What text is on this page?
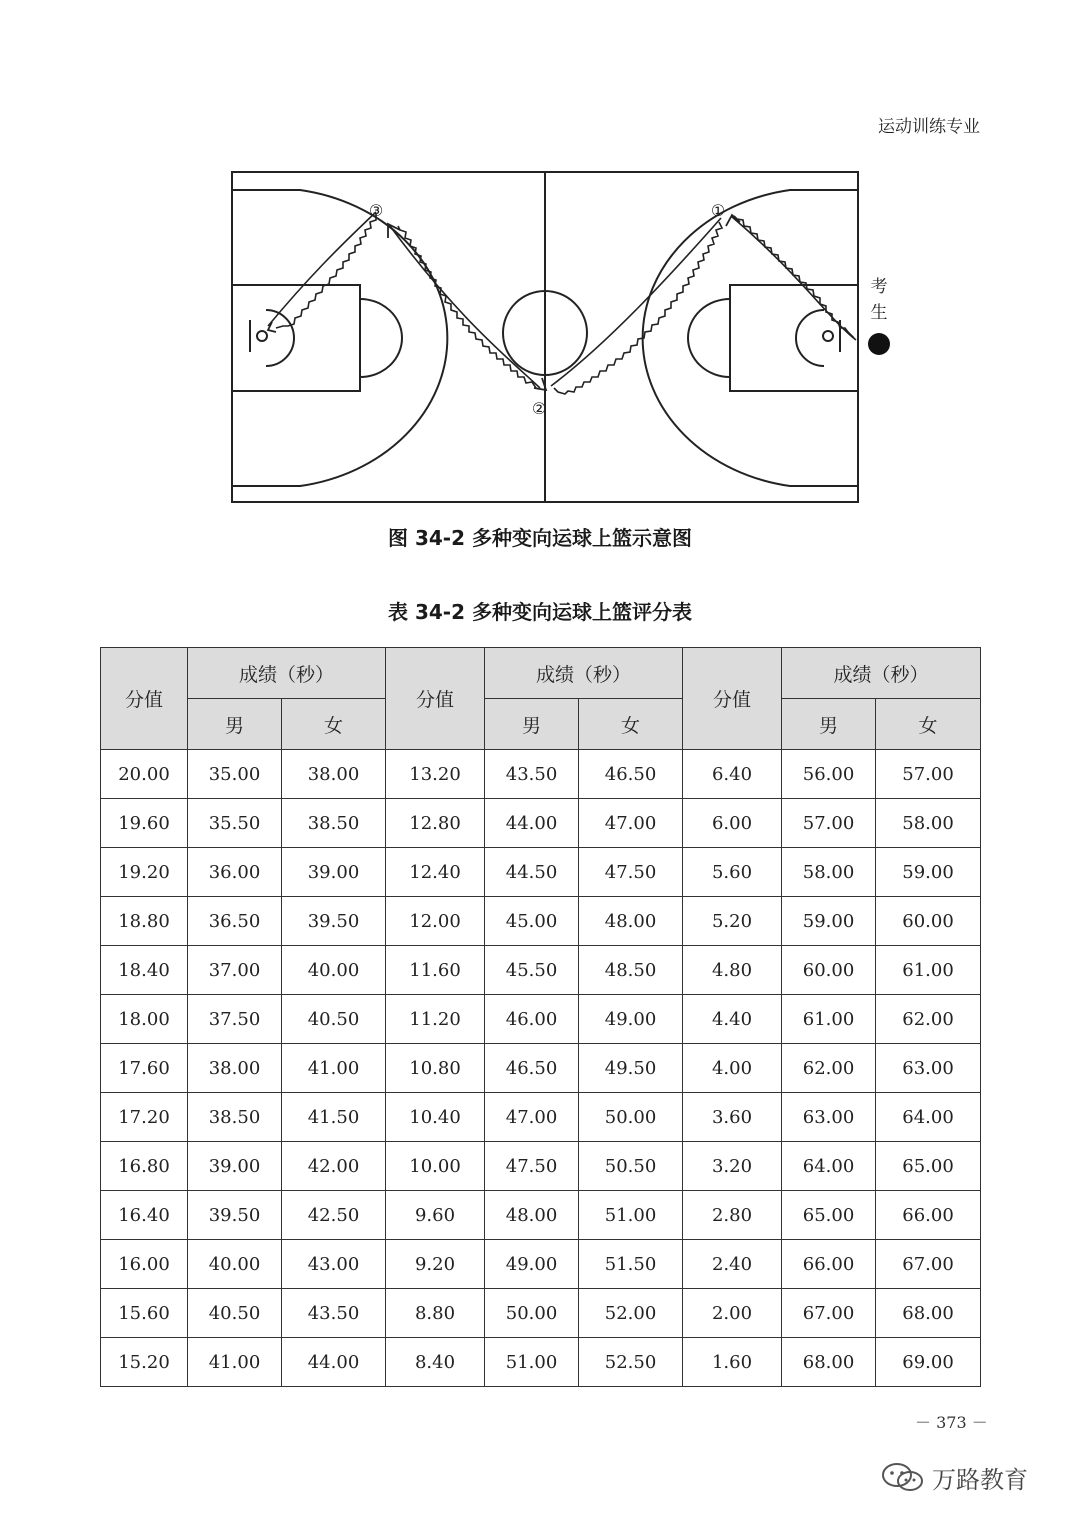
运动训练专业
①
②
③
考
生
图 34-2 多种变向运球上篮示意图
表 34-2 多种变向运球上篮评分表
分值	成绩（秒）		分值	成绩（秒）		分值	成绩（秒）	
	男	女		男	女		男	女
20.00	35.00	38.00	13.20	43.50	46.50	6.40	56.00	57.00
19.60	35.50	38.50	12.80	44.00	47.00	6.00	57.00	58.00
19.20	36.00	39.00	12.40	44.50	47.50	5.60	58.00	59.00
18.80	36.50	39.50	12.00	45.00	48.00	5.20	59.00	60.00
18.40	37.00	40.00	11.60	45.50	48.50	4.80	60.00	61.00
18.00	37.50	40.50	11.20	46.00	49.00	4.40	61.00	62.00
17.60	38.00	41.00	10.80	46.50	49.50	4.00	62.00	63.00
17.20	38.50	41.50	10.40	47.00	50.00	3.60	63.00	64.00
16.80	39.00	42.00	10.00	47.50	50.50	3.20	64.00	65.00
16.40	39.50	42.50	9.60	48.00	51.00	2.80	65.00	66.00
16.00	40.00	43.00	9.20	49.00	51.50	2.40	66.00	67.00
15.60	40.50	43.50	8.80	50.00	52.00	2.00	67.00	68.00
15.20	41.00	44.00	8.40	51.00	52.50	1.60	68.00	69.00
－ 373 －
万路教育
